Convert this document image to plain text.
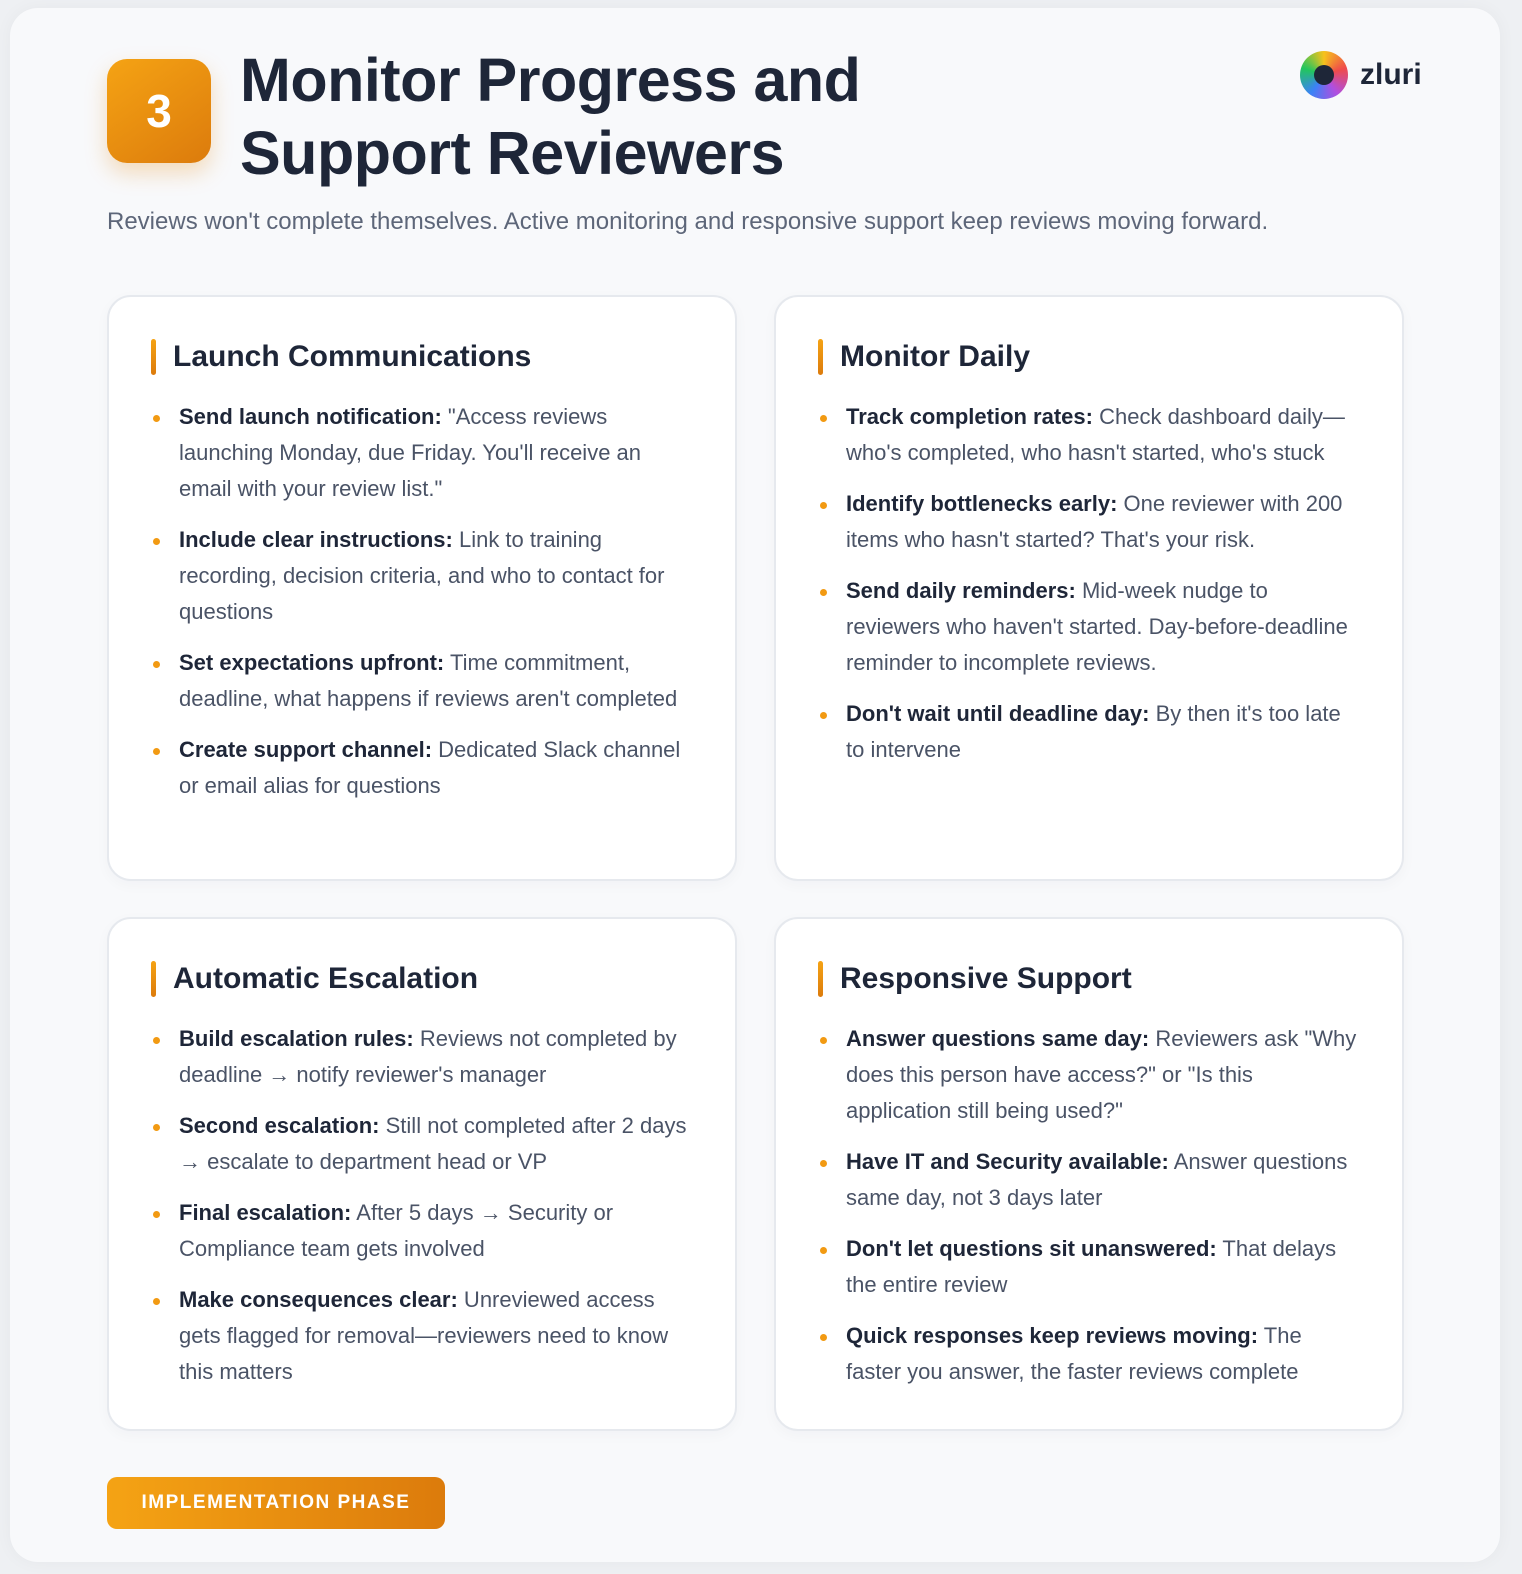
3 Monitor Progress and
Support Reviewers
zluri

Reviews won't complete themselves. Active monitoring and responsive support keep reviews moving forward.

Launch Communications
Send launch notification: "Access reviews launching Monday, due Friday. You'll receive an email with your review list."
Include clear instructions: Link to training recording, decision criteria, and who to contact for questions
Set expectations upfront: Time commitment, deadline, what happens if reviews aren't completed
Create support channel: Dedicated Slack channel or email alias for questions
Monitor Daily
Track completion rates: Check dashboard daily—who's completed, who hasn't started, who's stuck
Identify bottlenecks early: One reviewer with 200 items who hasn't started? That's your risk.
Send daily reminders: Mid-week nudge to reviewers who haven't started. Day-before-deadline reminder to incomplete reviews.
Don't wait until deadline day: By then it's too late to intervene
Automatic Escalation
Build escalation rules: Reviews not completed by deadline → notify reviewer's manager
Second escalation: Still not completed after 2 days → escalate to department head or VP
Final escalation: After 5 days → Security or Compliance team gets involved
Make consequences clear: Unreviewed access gets flagged for removal—reviewers need to know this matters
Responsive Support
Answer questions same day: Reviewers ask "Why does this person have access?" or "Is this application still being used?"
Have IT and Security available: Answer questions same day, not 3 days later
Don't let questions sit unanswered: That delays the entire review
Quick responses keep reviews moving: The faster you answer, the faster reviews complete
IMPLEMENTATION PHASE
